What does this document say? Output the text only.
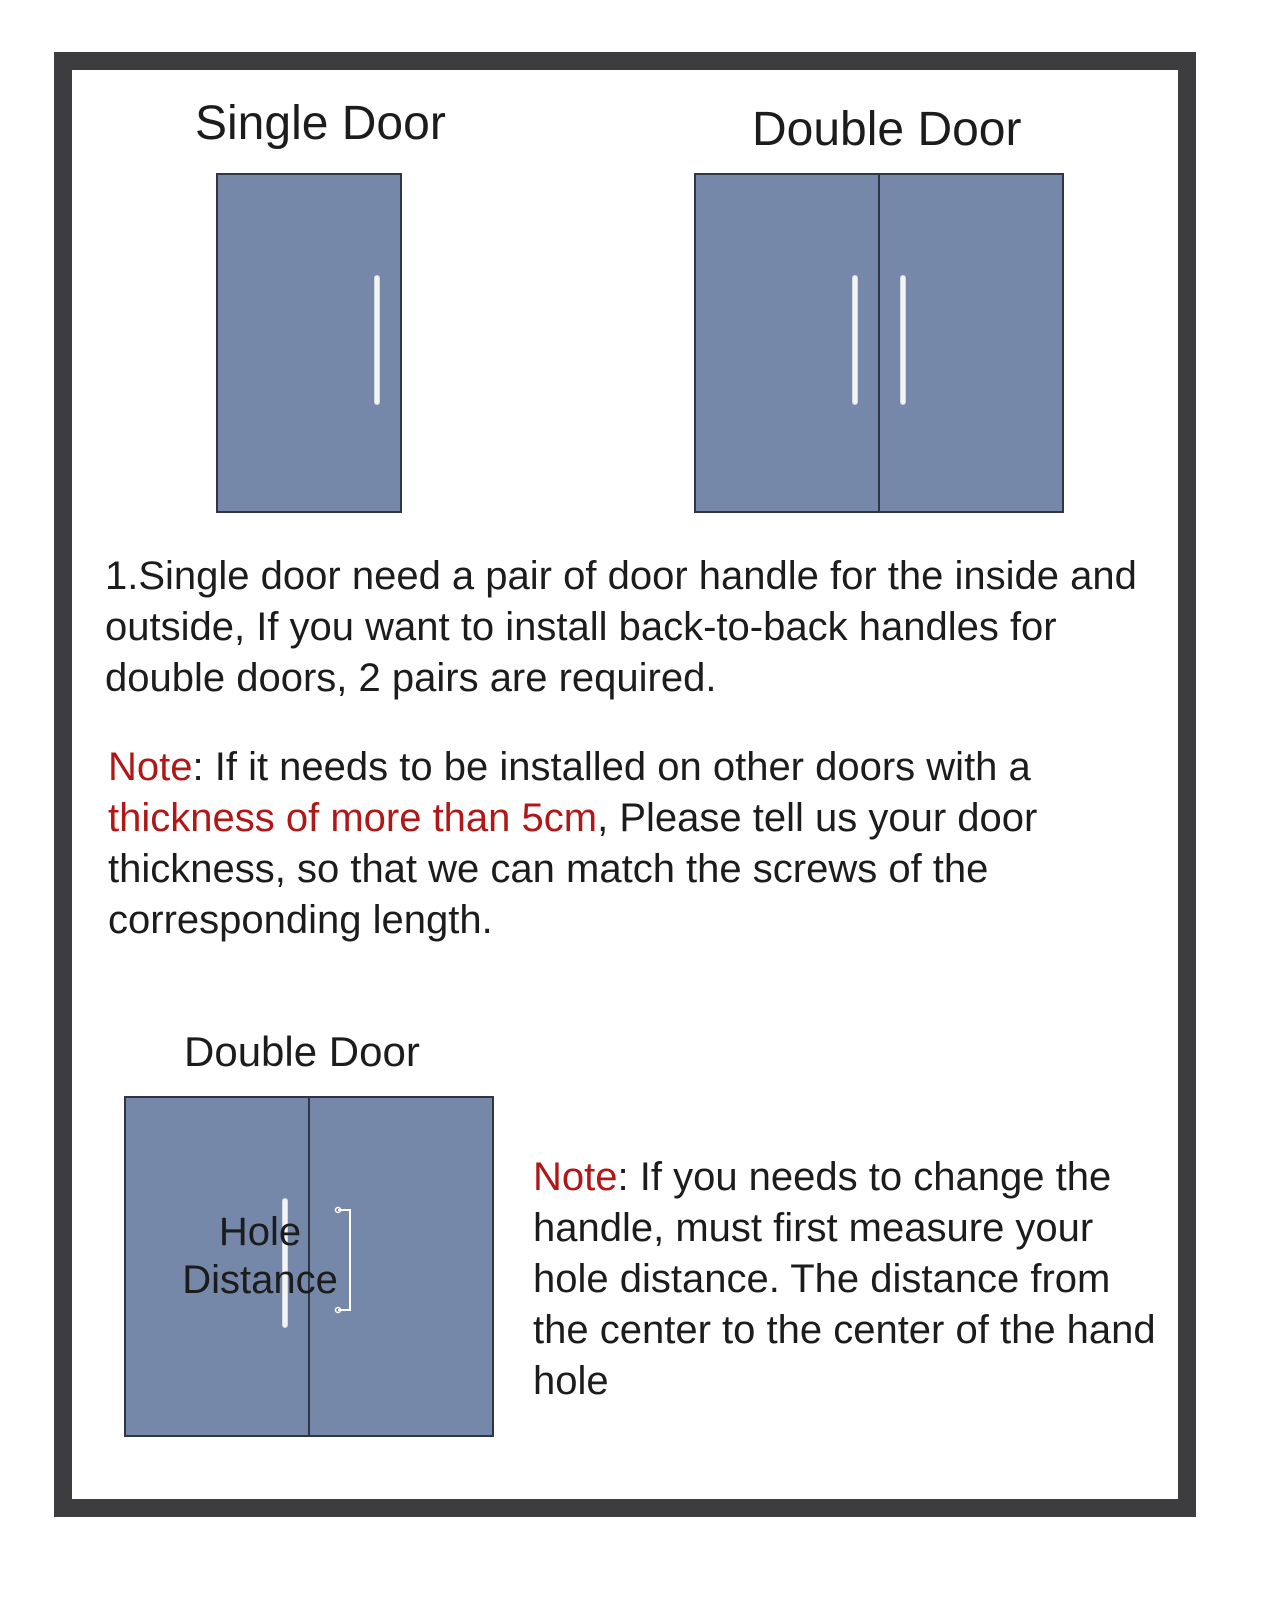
Single Door	Double Door
1.Single door need a pair of door handle for the inside and outside, If you want to install back-to-back handles for double doors, 2 pairs are required.
Note: If it needs to be installed on other doors with a thickness of more than 5cm, Please tell us your door thickness, so that we can match the screws of the corresponding length.
Double Door
Hole
Distance
Note: If you needs to change the handle, must first measure your hole distance. The distance from the center to the center of the hand hole
